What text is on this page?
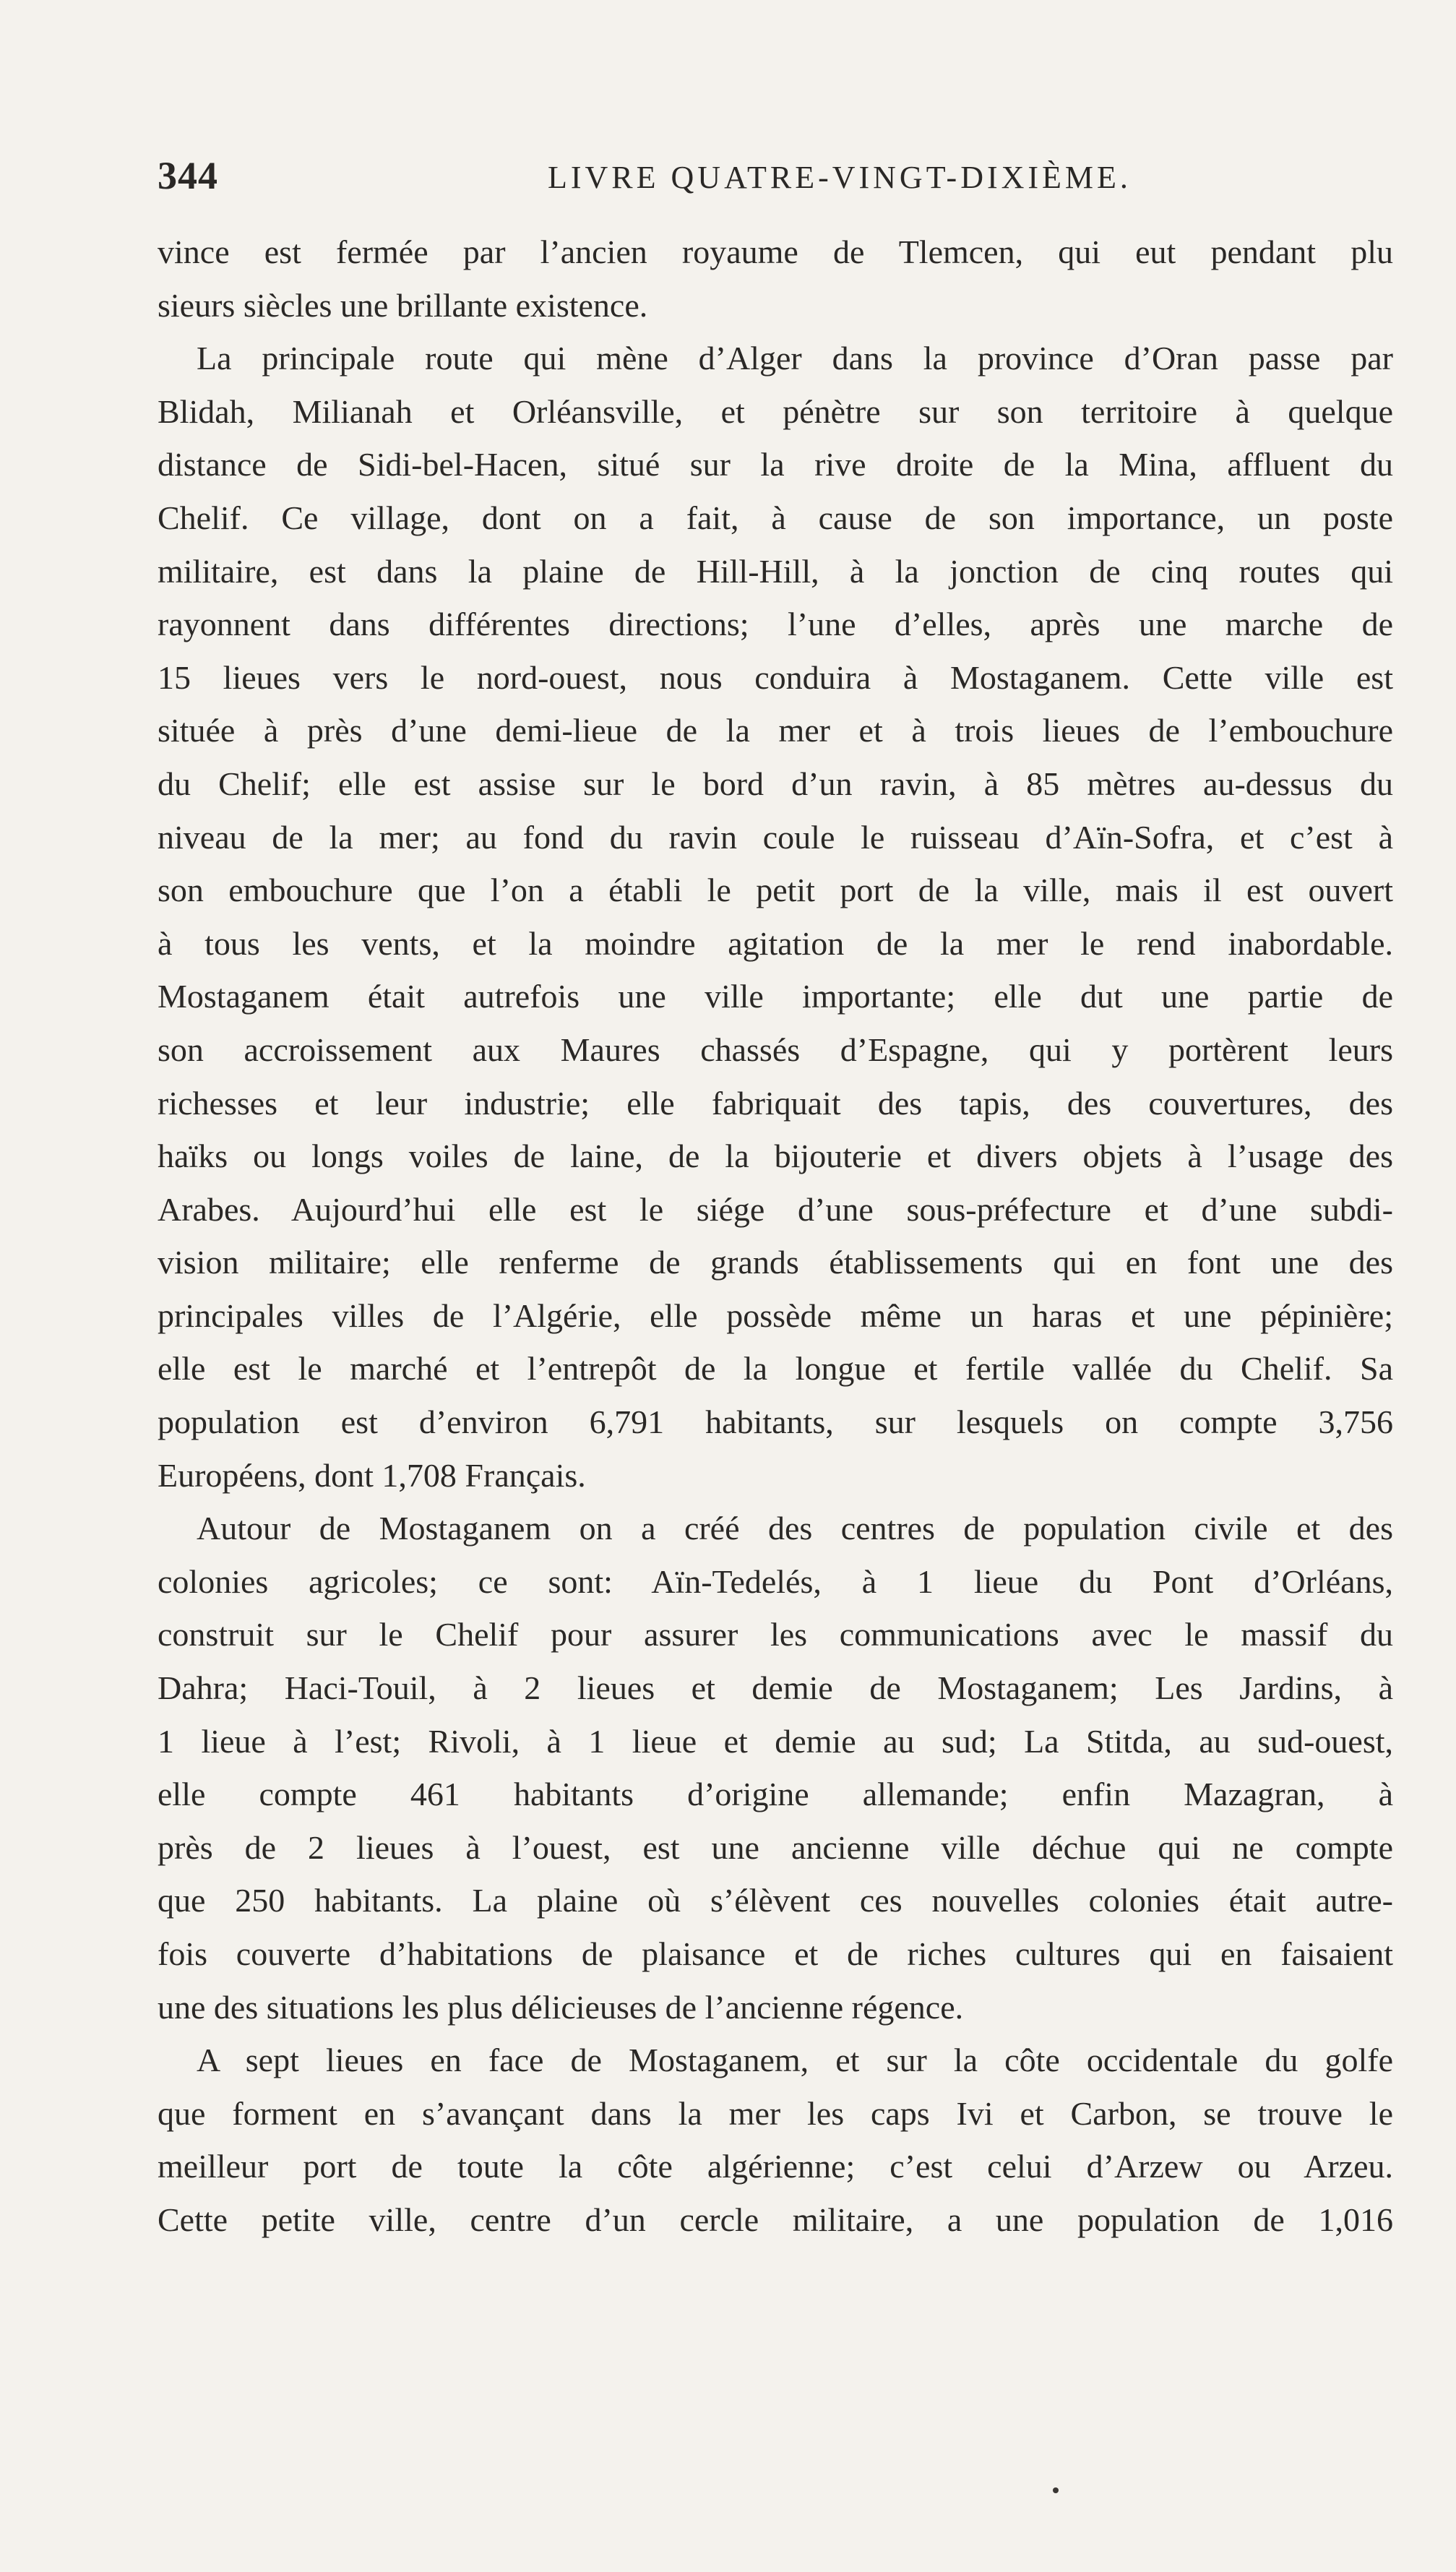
344	LIVRE QUATRE-VINGT-DIXIÈME.
vince est fermée par l’ancien royaume de Tlemcen, qui eut pendant plu
sieurs siècles une brillante existence.
La principale route qui mène d’Alger dans la province d’Oran passe par
Blidah, Milianah et Orléansville, et pénètre sur son territoire à quelque
distance de Sidi-bel-Hacen, situé sur la rive droite de la Mina, affluent du
Chelif. Ce village, dont on a fait, à cause de son importance, un poste
militaire, est dans la plaine de Hill-Hill, à la jonction de cinq routes qui
rayonnent dans différentes directions; l’une d’elles, après une marche de
15 lieues vers le nord-ouest, nous conduira à Mostaganem. Cette ville est
située à près d’une demi-lieue de la mer et à trois lieues de l’embouchure
du Chelif; elle est assise sur le bord d’un ravin, à 85 mètres au-dessus du
niveau de la mer; au fond du ravin coule le ruisseau d’Aïn-Sofra, et c’est à
son embouchure que l’on a établi le petit port de la ville, mais il est ouvert
à tous les vents, et la moindre agitation de la mer le rend inabordable.
Mostaganem était autrefois une ville importante; elle dut une partie de
son accroissement aux Maures chassés d’Espagne, qui y portèrent leurs
richesses et leur industrie; elle fabriquait des tapis, des couvertures, des
haïks ou longs voiles de laine, de la bijouterie et divers objets à l’usage des
Arabes. Aujourd’hui elle est le siége d’une sous-préfecture et d’une subdi-
vision militaire; elle renferme de grands établissements qui en font une des
principales villes de l’Algérie, elle possède même un haras et une pépinière;
elle est le marché et l’entrepôt de la longue et fertile vallée du Chelif. Sa
population est d’environ 6,791 habitants, sur lesquels on compte 3,756
Européens, dont 1,708 Français.
Autour de Mostaganem on a créé des centres de population civile et des
colonies agricoles; ce sont: Aïn-Tedelés, à 1 lieue du Pont d’Orléans,
construit sur le Chelif pour assurer les communications avec le massif du
Dahra; Haci-Touil, à 2 lieues et demie de Mostaganem; Les Jardins, à
1 lieue à l’est; Rivoli, à 1 lieue et demie au sud; La Stitda, au sud-ouest,
elle compte 461 habitants d’origine allemande; enfin Mazagran, à
près de 2 lieues à l’ouest, est une ancienne ville déchue qui ne compte
que 250 habitants. La plaine où s’élèvent ces nouvelles colonies était autre-
fois couverte d’habitations de plaisance et de riches cultures qui en faisaient
une des situations les plus délicieuses de l’ancienne régence.
A sept lieues en face de Mostaganem, et sur la côte occidentale du golfe
que forment en s’avançant dans la mer les caps Ivi et Carbon, se trouve le
meilleur port de toute la côte algérienne; c’est celui d’Arzew ou Arzeu.
Cette petite ville, centre d’un cercle militaire, a une population de 1,016
